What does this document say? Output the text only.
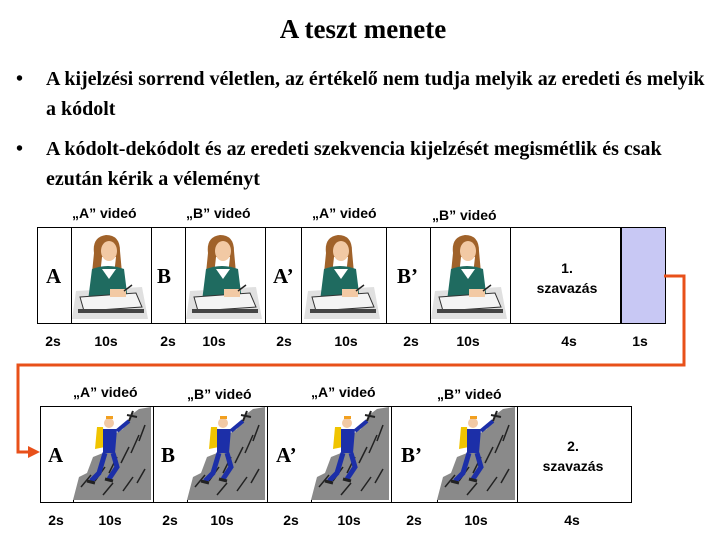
A teszt menete
• A kijelzési sorrend véletlen, az értékelő nem tudja melyik az eredeti és melyik a kódolt
• A kódolt-dekódolt és az eredeti szekvencia kijelzését megismétlik és csak ezután kérik a véleményt
„A” videó	„B” videó	„A” videó	„B” videó
A	B	A’	B’	1.
szavazás
2s	10s	2s	10s	2s	10s	2s	10s	4s	1s
„A” videó	„B” videó	„A” videó	„B” videó
A	B	A’	B’	2.
szavazás
2s	10s	2s	10s	2s	10s	2s	10s	4s
